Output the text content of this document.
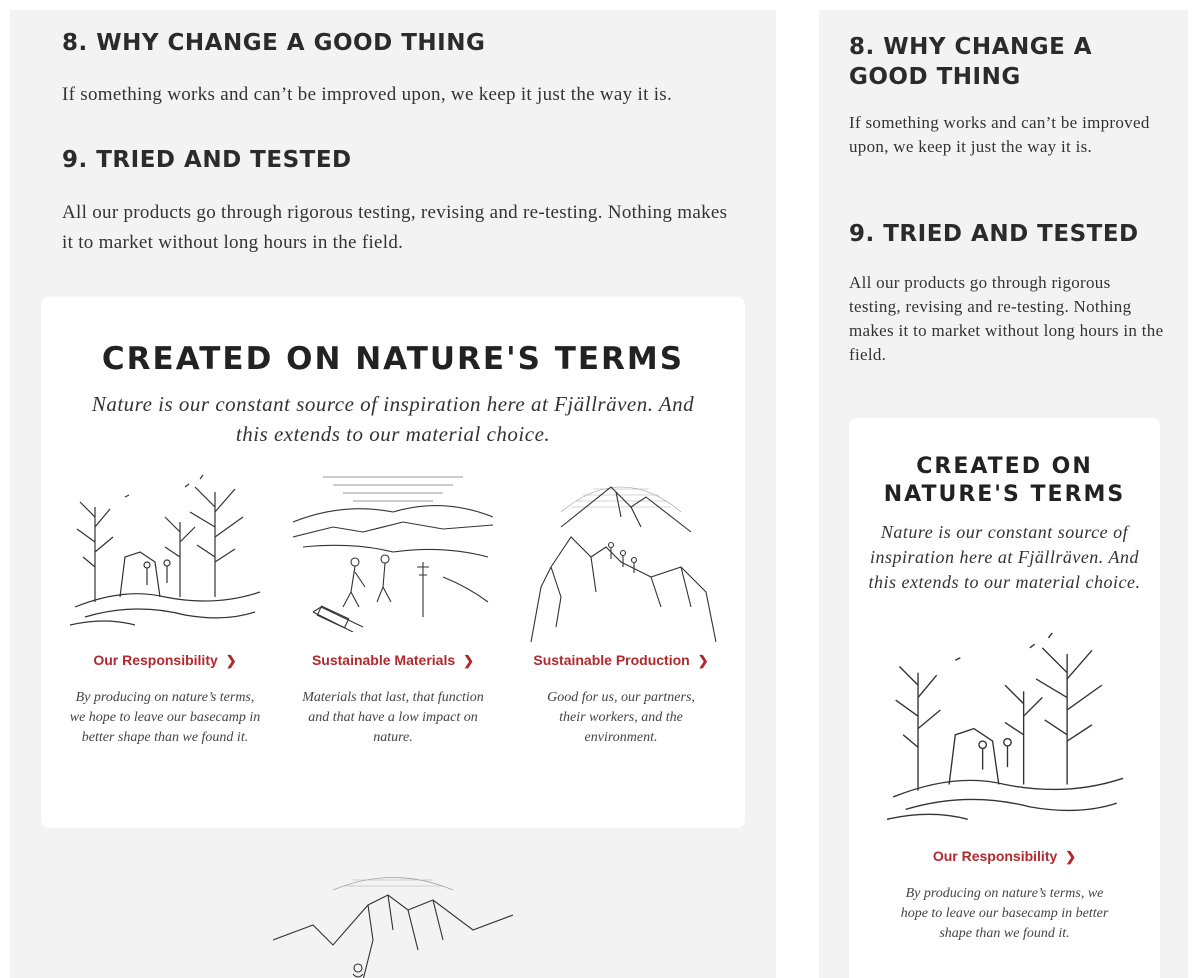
8. WHY CHANGE A GOOD THING

If something works and can’t be improved upon, we keep it just the way it is.

9. TRIED AND TESTED

All our products go through rigorous testing, revising and re-testing. Nothing makes it to market without long hours in the field.

CREATED ON NATURE'S TERMS

Nature is our constant source of inspiration here at Fjällräven. And this extends to our material choice.

Our Responsibility ❯

By producing on nature’s terms, we hope to leave our basecamp in better shape than we found it.

Sustainable Materials ❯

Materials that last, that function and that have a low impact on nature.

Sustainable Production ❯

Good for us, our partners, their workers, and the environment.

8. WHY CHANGE A GOOD THING

If something works and can’t be improved upon, we keep it just the way it is.

9. TRIED AND TESTED

All our products go through rigorous testing, revising and re-testing. Nothing makes it to market without long hours in the field.

CREATED ON NATURE'S TERMS

Nature is our constant source of inspiration here at Fjällräven. And this extends to our material choice.

Our Responsibility ❯

By producing on nature’s terms, we hope to leave our basecamp in better shape than we found it.
